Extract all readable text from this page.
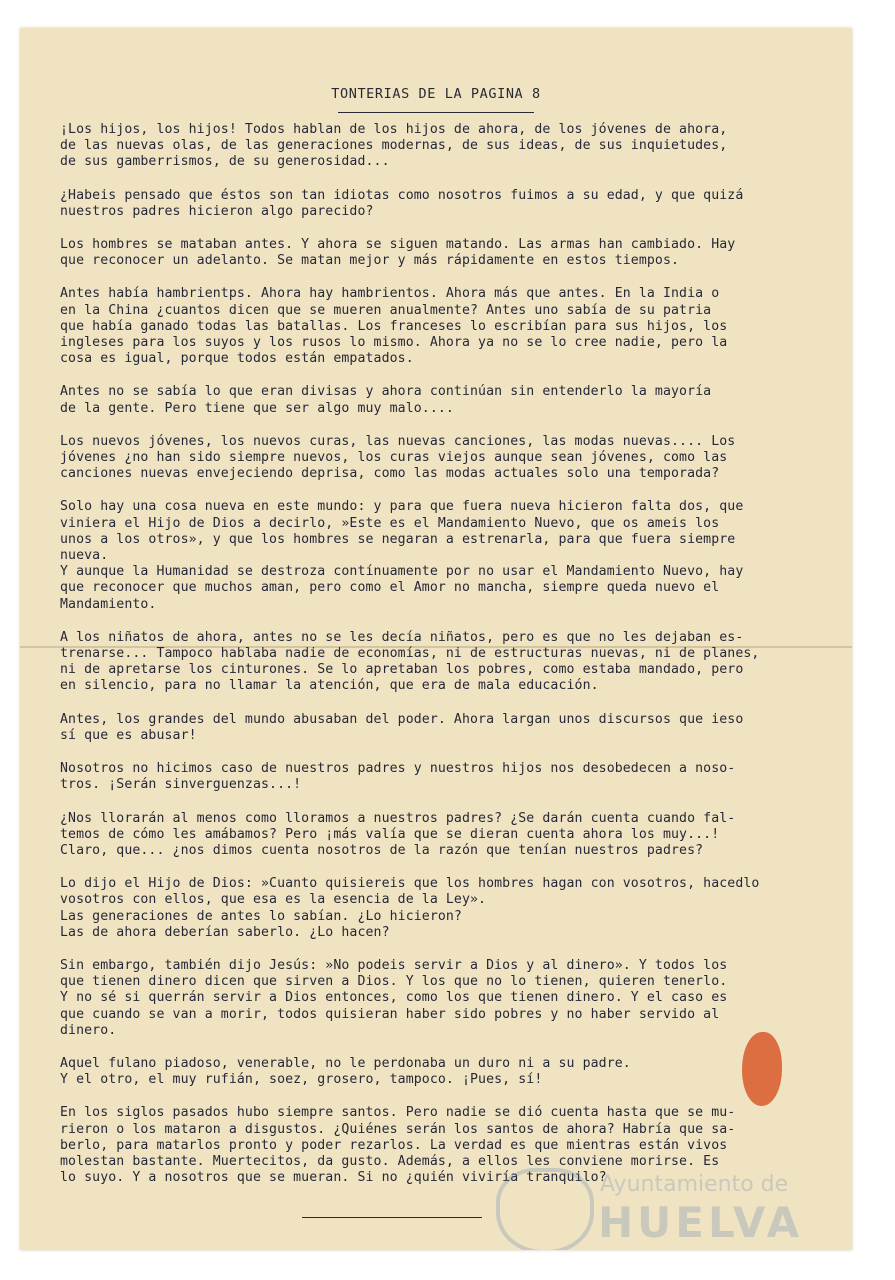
TONTERIAS DE LA PAGINA 8
¡Los hijos, los hijos! Todos hablan de los hijos de ahora, de los jóvenes de ahora,
de las nuevas olas, de las generaciones modernas, de sus ideas, de sus inquietudes,
de sus gamberrismos, de su generosidad...
¿Habeis pensado que éstos son tan idiotas como nosotros fuimos a su edad, y que quizá
nuestros padres hicieron algo parecido?
Los hombres se mataban antes. Y ahora se siguen matando. Las armas han cambiado. Hay
que reconocer un adelanto. Se matan mejor y más rápidamente en estos tiempos.
Antes había hambrientps. Ahora hay hambrientos. Ahora más que antes. En la India o
en la China ¿cuantos dicen que se mueren anualmente? Antes uno sabía de su patria
que había ganado todas las batallas. Los franceses lo escribían para sus hijos, los
ingleses para los suyos y los rusos lo mismo. Ahora ya no se lo cree nadie, pero la
cosa es igual, porque todos están empatados.
Antes no se sabía lo que eran divisas y ahora continúan sin entenderlo la mayoría
de la gente. Pero tiene que ser algo muy malo....
Los nuevos jóvenes, los nuevos curas, las nuevas canciones, las modas nuevas.... Los
jóvenes ¿no han sido siempre nuevos, los curas viejos aunque sean jóvenes, como las
canciones nuevas envejeciendo deprisa, como las modas actuales solo una temporada?
Solo hay una cosa nueva en este mundo: y para que fuera nueva hicieron falta dos, que
viniera el Hijo de Dios a decirlo, »Este es el Mandamiento Nuevo, que os ameis los
unos a los otros», y que los hombres se negaran a estrenarla, para que fuera siempre
nueva.
Y aunque la Humanidad se destroza contínuamente por no usar el Mandamiento Nuevo, hay
que reconocer que muchos aman, pero como el Amor no mancha, siempre queda nuevo el
Mandamiento.
A los niñatos de ahora, antes no se les decía niñatos, pero es que no les dejaban es-
trenarse... Tampoco hablaba nadie de economías, ni de estructuras nuevas, ni de planes,
ni de apretarse los cinturones. Se lo apretaban los pobres, como estaba mandado, pero
en silencio, para no llamar la atención, que era de mala educación.
Antes, los grandes del mundo abusaban del poder. Ahora largan unos discursos que ieso
sí que es abusar!
Nosotros no hicimos caso de nuestros padres y nuestros hijos nos desobedecen a noso-
tros. ¡Serán sinverguenzas...!
¿Nos llorarán al menos como lloramos a nuestros padres? ¿Se darán cuenta cuando fal-
temos de cómo les amábamos? Pero ¡más valía que se dieran cuenta ahora los muy...!
Claro, que... ¿nos dimos cuenta nosotros de la razón que tenían nuestros padres?
Lo dijo el Hijo de Dios: »Cuanto quisiereis que los hombres hagan con vosotros, hacedlo
vosotros con ellos, que esa es la esencia de la Ley».
Las generaciones de antes lo sabían. ¿Lo hicieron?
Las de ahora deberían saberlo. ¿Lo hacen?
Sin embargo, también dijo Jesús: »No podeis servir a Dios y al dinero». Y todos los
que tienen dinero dicen que sirven a Dios. Y los que no lo tienen, quieren tenerlo.
Y no sé si querrán servir a Dios entonces, como los que tienen dinero. Y el caso es
que cuando se van a morir, todos quisieran haber sido pobres y no haber servido al
dinero.
Aquel fulano piadoso, venerable, no le perdonaba un duro ni a su padre.
Y el otro, el muy rufián, soez, grosero, tampoco. ¡Pues, sí!
En los siglos pasados hubo siempre santos. Pero nadie se dió cuenta hasta que se mu-
rieron o los mataron a disgustos. ¿Quiénes serán los santos de ahora? Habría que sa-
berlo, para matarlos pronto y poder rezarlos. La verdad es que mientras están vivos
molestan bastante. Muertecitos, da gusto. Además, a ellos les conviene morirse. Es
lo suyo. Y a nosotros que se mueran. Si no ¿quién viviría tranquilo?
Ayuntamiento de
HUELVA
